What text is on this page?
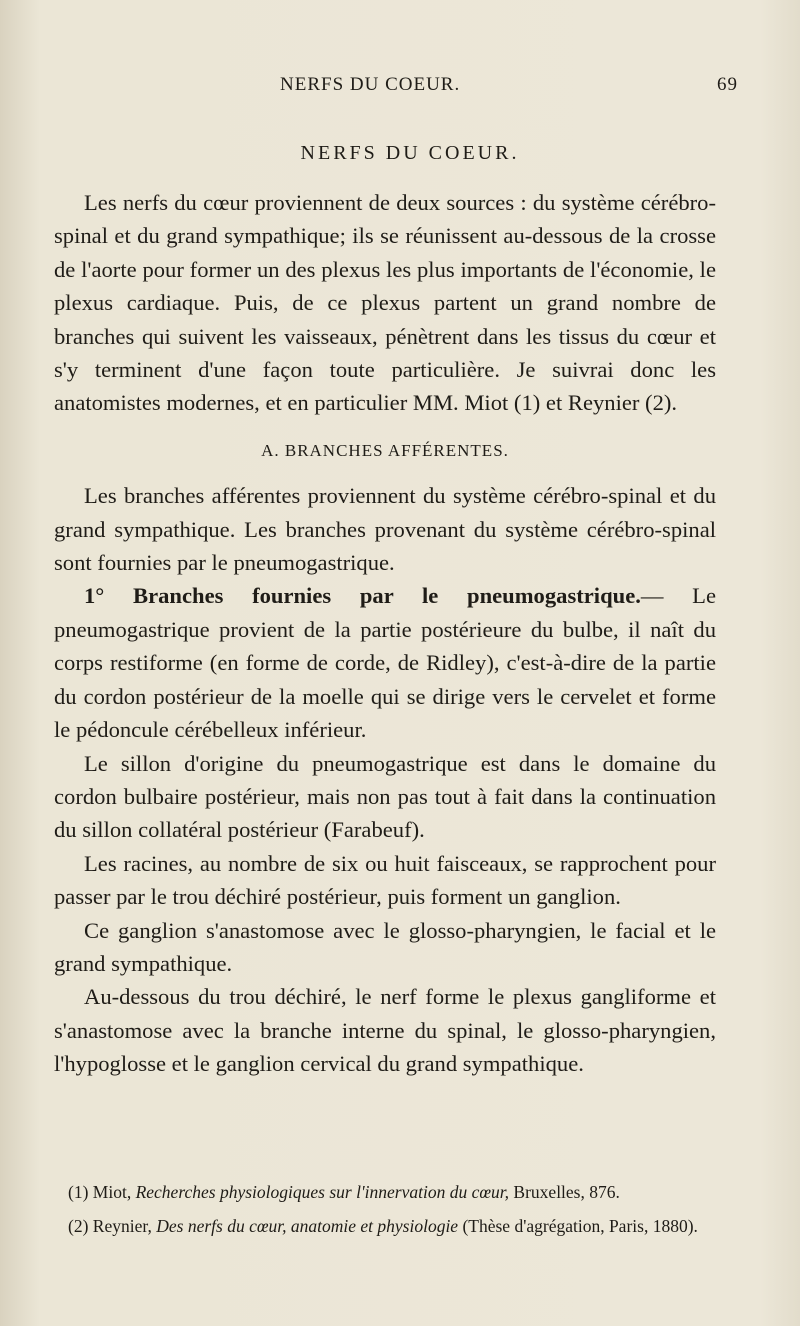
NERFS DU COEUR.	69
NERFS DU COEUR.

Les nerfs du cœur proviennent de deux sources : du système cérébro-spinal et du grand sympathique; ils se réunissent au-dessous de la crosse de l'aorte pour former un des plexus les plus importants de l'économie, le plexus cardiaque. Puis, de ce plexus partent un grand nombre de branches qui suivent les vaisseaux, pénètrent dans les tissus du cœur et s'y terminent d'une façon toute particulière. Je suivrai donc les anatomistes modernes, et en particulier MM. Miot (1) et Reynier (2).

A. BRANCHES AFFÉRENTES.

Les branches afférentes proviennent du système cérébro-spinal et du grand sympathique. Les branches provenant du système cérébro-spinal sont fournies par le pneumogastrique.

1° Branches fournies par le pneumogastrique.— Le pneumogastrique provient de la partie postérieure du bulbe, il naît du corps restiforme (en forme de corde, de Ridley), c'est-à-dire de la partie du cordon postérieur de la moelle qui se dirige vers le cervelet et forme le pédoncule cérébelleux inférieur.

Le sillon d'origine du pneumogastrique est dans le domaine du cordon bulbaire postérieur, mais non pas tout à fait dans la continuation du sillon collatéral postérieur (Farabeuf).

Les racines, au nombre de six ou huit faisceaux, se rapprochent pour passer par le trou déchiré postérieur, puis forment un ganglion.

Ce ganglion s'anastomose avec le glosso-pharyngien, le facial et le grand sympathique.

Au-dessous du trou déchiré, le nerf forme le plexus gangliforme et s'anastomose avec la branche interne du spinal, le glosso-pharyngien, l'hypoglosse et le ganglion cervical du grand sympathique.

(1) Miot, Recherches physiologiques sur l'innervation du cœur, Bruxelles, 876.

(2) Reynier, Des nerfs du cœur, anatomie et physiologie (Thèse d'agrégation, Paris, 1880).
